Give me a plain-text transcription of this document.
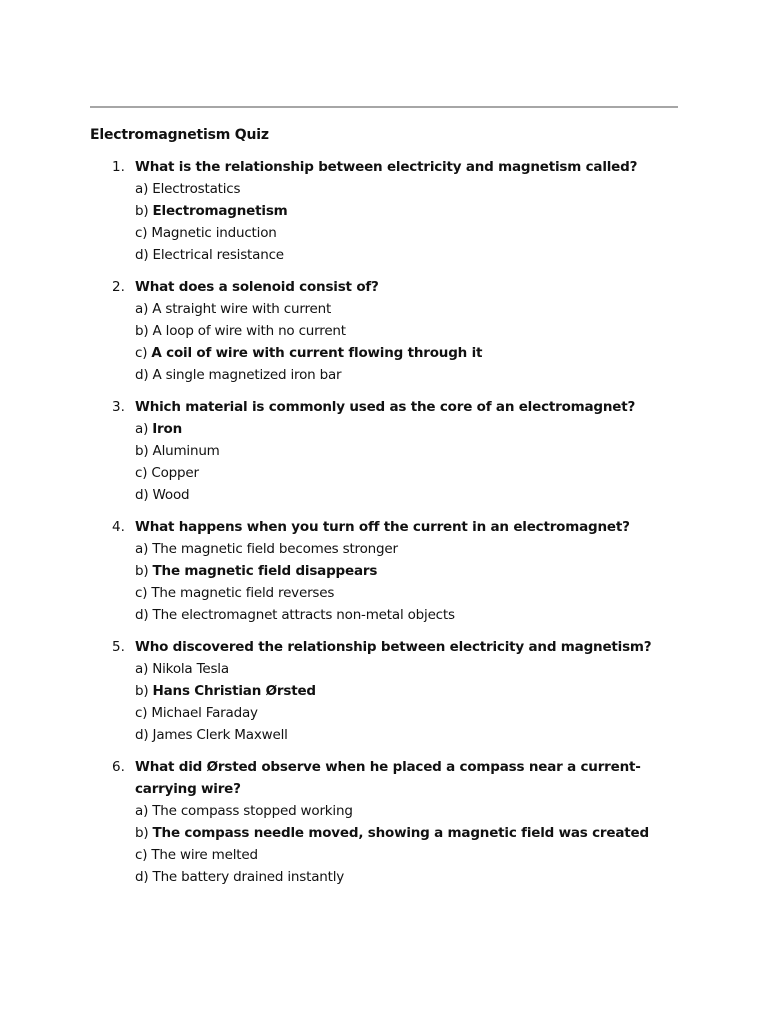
Electromagnetism Quiz
1. What is the relationship between electricity and magnetism called?
a) Electrostatics
b) Electromagnetism
c) Magnetic induction
d) Electrical resistance
2. What does a solenoid consist of?
a) A straight wire with current
b) A loop of wire with no current
c) A coil of wire with current flowing through it
d) A single magnetized iron bar
3. Which material is commonly used as the core of an electromagnet?
a) Iron
b) Aluminum
c) Copper
d) Wood
4. What happens when you turn off the current in an electromagnet?
a) The magnetic field becomes stronger
b) The magnetic field disappears
c) The magnetic field reverses
d) The electromagnet attracts non-metal objects
5. Who discovered the relationship between electricity and magnetism?
a) Nikola Tesla
b) Hans Christian Ørsted
c) Michael Faraday
d) James Clerk Maxwell
6. What did Ørsted observe when he placed a compass near a current-carrying wire?
a) The compass stopped working
b) The compass needle moved, showing a magnetic field was created
c) The wire melted
d) The battery drained instantly
